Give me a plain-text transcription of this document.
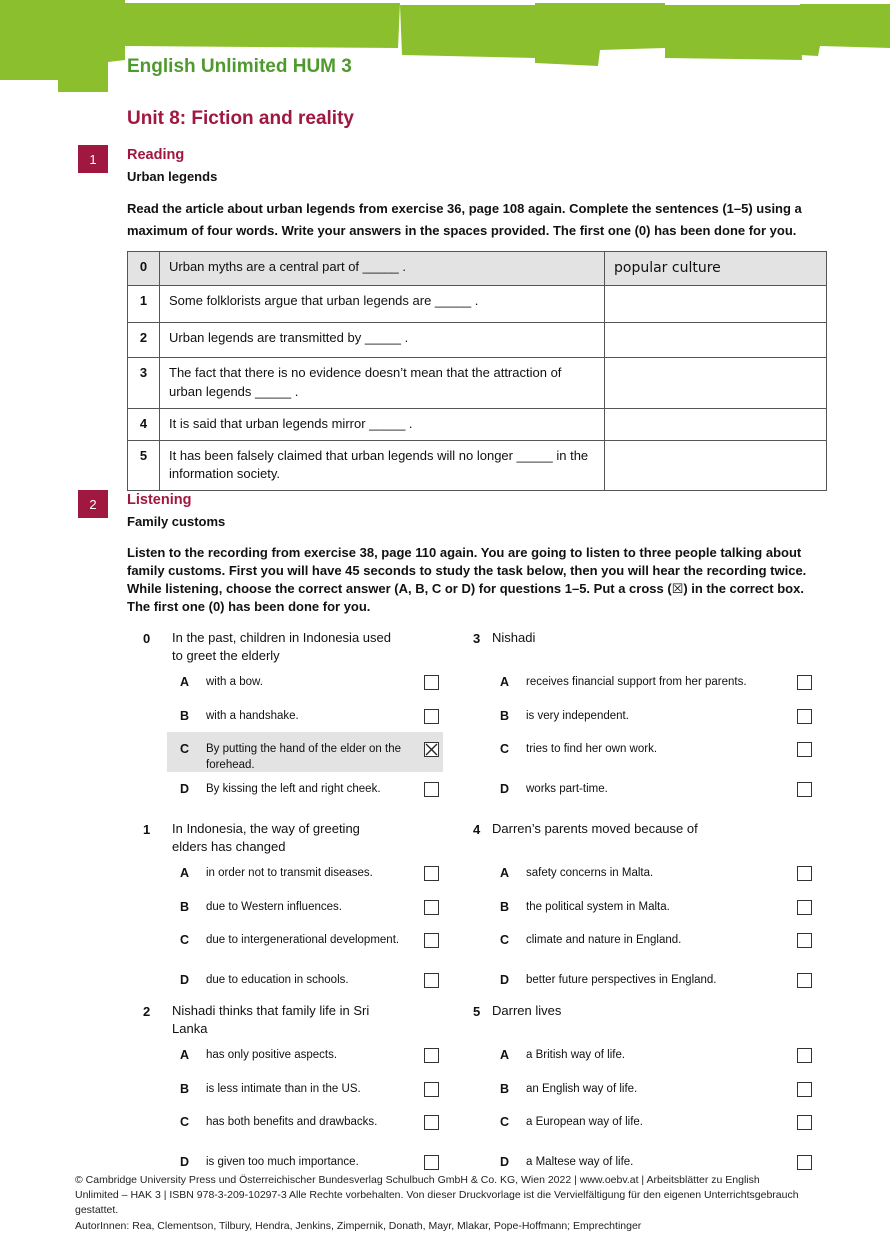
English Unlimited HUM 3
Unit 8: Fiction and reality
1	Reading
Urban legends
Read the article about urban legends from exercise 36, page 108 again. Complete the sentences (1–5) using a maximum of four words. Write your answers in the spaces provided. The first one (0) has been done for you.
0	Urban myths are a central part of _____ .	popular culture
1	Some folklorists argue that urban legends are _____ .	
2	Urban legends are transmitted by _____ .	
3	The fact that there is no evidence doesn’t mean that the attraction of urban legends _____ .	
4	It is said that urban legends mirror _____ .	
5	It has been falsely claimed that urban legends will no longer _____ in the information society.	
2	Listening
Family customs
Listen to the recording from exercise 38, page 110 again. You are going to listen to three people talking about family customs. First you will have 45 seconds to study the task below, then you will hear the recording twice. While listening, choose the correct answer (A, B, C or D) for questions 1–5. Put a cross (☒) in the correct box. The first one (0) has been done for you.
0	In the past, children in Indonesia used to greet the elderly
A with a bow.
B with a handshake.
C By putting the hand of the elder on the forehead.
D By kissing the left and right cheek.
1	In Indonesia, the way of greeting elders has changed
A in order not to transmit diseases.
B due to Western influences.
C due to intergenerational development.
D due to education in schools.
2	Nishadi thinks that family life in Sri Lanka
A has only positive aspects.
B is less intimate than in the US.
C has both benefits and drawbacks.
D is given too much importance.
3 Nishadi
A receives financial support from her parents.
B is very independent.
C tries to find her own work.
D works part-time.
4 Darren’s parents moved because of
A safety concerns in Malta.
B the political system in Malta.
C climate and nature in England.
D better future perspectives in England.
5 Darren lives
A a British way of life.
B an English way of life.
C a European way of life.
D a Maltese way of life.
© Cambridge University Press und Österreichischer Bundesverlag Schulbuch GmbH & Co. KG, Wien 2022 | www.oebv.at | Arbeitsblätter zu English Unlimited – HAK 3 | ISBN 978-3-209-10297-3 Alle Rechte vorbehalten. Von dieser Druckvorlage ist die Vervielfältigung für den eigenen Unterrichtsgebrauch gestattet.
AutorInnen: Rea, Clementson, Tilbury, Hendra, Jenkins, Zimpernik, Donath, Mayr, Mlakar, Pope-Hoffmann; Emprechtinger
